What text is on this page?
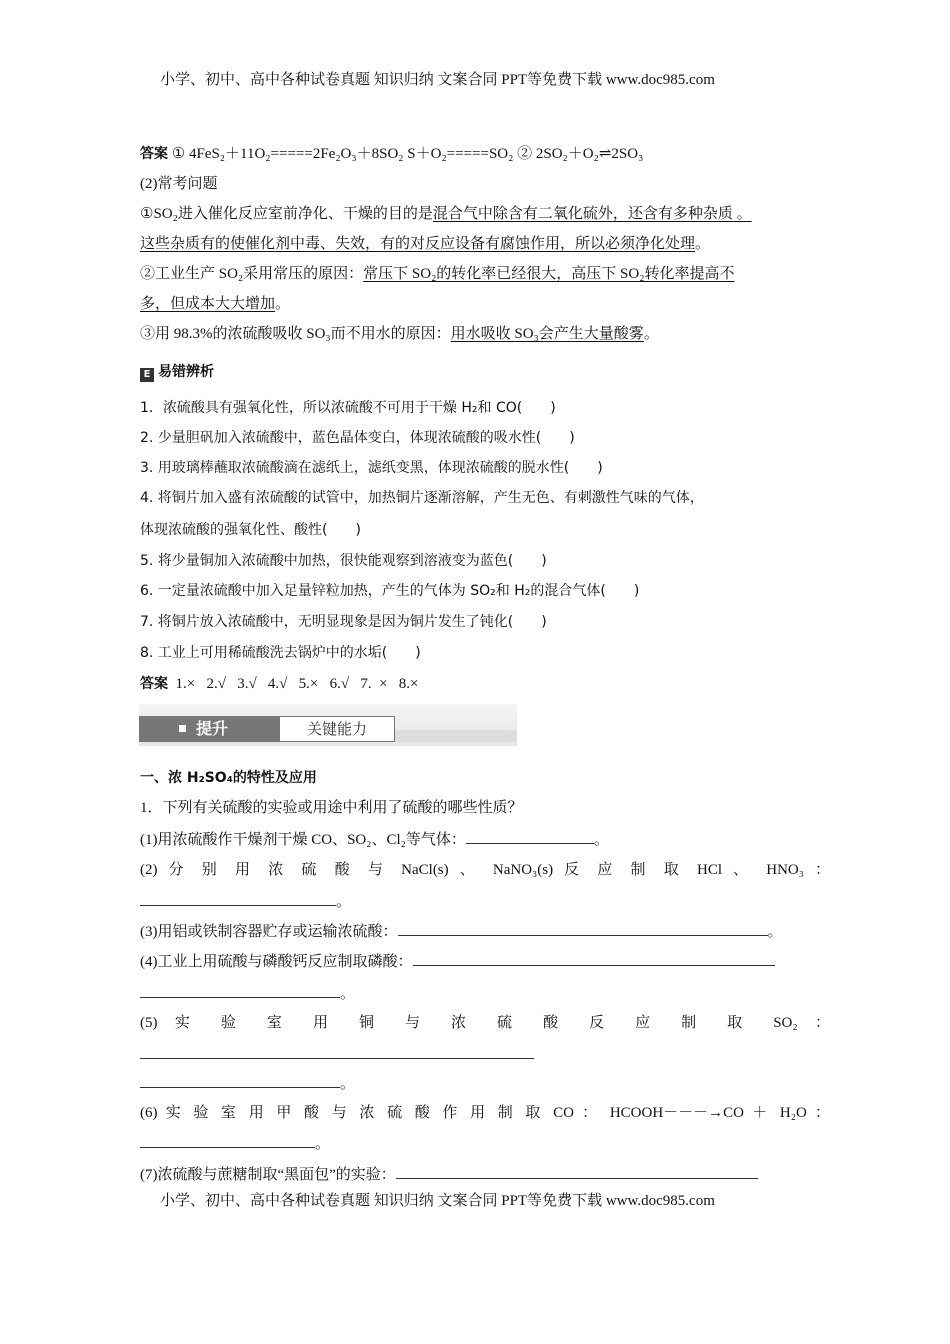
小学、初中、高中各种试卷真题 知识归纳 文案合同 PPT等免费下载 www.doc985.com
答案 ① 4FeS₂＋11O₂=====2Fe₂O₃＋8SO₂ S＋O₂=====SO₂ ② 2SO₂＋O₂⇌2SO₃
(2)常考问题
①SO₂进入催化反应室前净化、干燥的目的是混合气中除含有二氧化硫外，还含有多种杂质 。
这些杂质有的使催化剂中毒、失效，有的对反应设备有腐蚀作用，所以必须净化处理。
②工业生产 SO₂采用常压的原因：常压下 SO₂的转化率已经很大，高压下 SO₂转化率提高不
多，但成本大大增加。
③用 98.3%的浓硫酸吸收 SO₃而不用水的原因：用水吸收 SO₃会产生大量酸雾。
E 易错辨析
1．浓硫酸具有强氧化性，所以浓硫酸不可用于干燥 H₂和 CO(　　)
2. 少量胆矾加入浓硫酸中，蓝色晶体变白，体现浓硫酸的吸水性(　　)
3. 用玻璃棒蘸取浓硫酸滴在滤纸上，滤纸变黑，体现浓硫酸的脱水性(　　)
4. 将铜片加入盛有浓硫酸的试管中，加热铜片逐渐溶解，产生无色、有刺激性气味的气体，
体现浓硫酸的强氧化性、酸性(　　)
5. 将少量铜加入浓硫酸中加热，很快能观察到溶液变为蓝色(　　)
6. 一定量浓硫酸中加入足量锌粒加热，产生的气体为 SO₂和 H₂的混合气体(　　)
7. 将铜片放入浓硫酸中，无明显现象是因为铜片发生了钝化(　　)
8. 工业上可用稀硫酸洗去锅炉中的水垢(　　)
答案  1.×   2.√   3.√   4.√   5.×   6.√   7.  ×   8.×
提升	关键能力
一、浓 H₂SO₄的特性及应用
1．下列有关硫酸的实验或用途中利用了硫酸的哪些性质？
(1)用浓硫酸作干燥剂干燥 CO、SO₂、Cl₂等气体：	。
(2) 分 别 用 浓 硫 酸 与 NaCl(s) 、 NaNO₃(s) 反 应 制 取 HCl 、 HNO₃ ：
。
(3)用铝或铁制容器贮存或运输浓硫酸：	。
(4)工业上用硫酸与磷酸钙反应制取磷酸：
。
(5) 实 验 室 用 铜 与 浓 硫 酸 反 应 制 取 SO₂ ：
。
(6) 实 验 室 用 甲 酸 与 浓 硫 酸 作 用 制 取 CO ： HCOOH－－－→CO ＋ H₂O ：
。
(7)浓硫酸与蔗糖制取“黑面包”的实验：
小学、初中、高中各种试卷真题 知识归纳 文案合同 PPT等免费下载 www.doc985.com
